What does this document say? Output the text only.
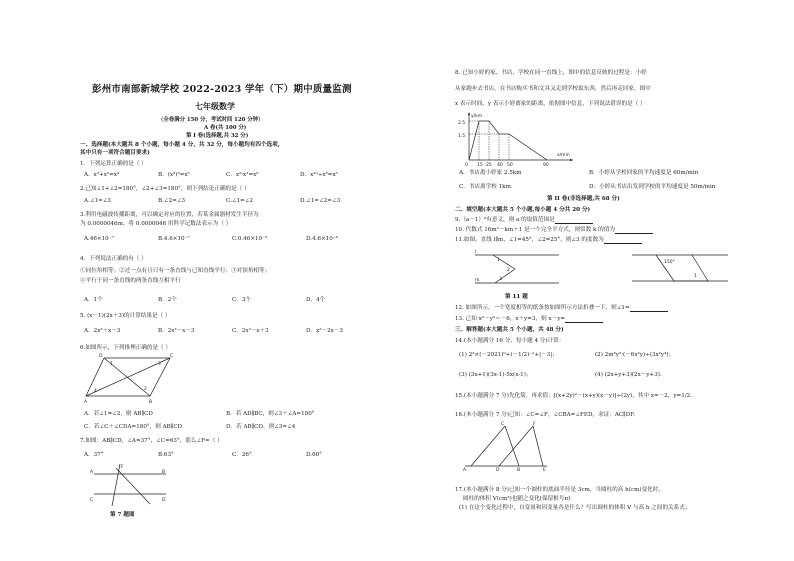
彭州市南部新城学校 2022-2023 学年（下）期中质量监测
七年级数学
（全卷满分 150 分，考试时间 120 分钟）
A 卷(共 100 分)
第 I 卷(选择题,共 32 分)
一、选择题(本大题共 8 个小题，每小题 4 分，共 32 分，每小题均有四个选项，
其中只有一项符合题目要求)
1．下列运算正确的是（ ）
A．x²+x²=x⁴	B．(x²)³=x⁵	C．x²·x³=x⁶	D．x¹⁰÷x⁵=x⁵
2.已知∠1+∠2=180°，∠2+∠3=180°，则下列结论正确的是（ ）
A.∠1=∠3	B.∠2=∠3	C.∠1=∠2	D.∠1=∠2=∠3
3.利用电磁波传播距离，可以确定对应的位置，若某金属器材发生半径为
为 0.0000046m，将 0.0000046 用科学记数法表示为（ ）
A.46×10⁻⁷	B.4.6×10⁻⁷	C.0.46×10⁻⁵	D.4.6×10⁻⁶
4．下列说法正确的有（ ）
①同位角相等；②过一点有且只有一条直线与已知直线平行；③对顶角相等；
④平行于同一条直线的两条直线互相平行
A．1个	B．2个	C．3个	D．4个
5. (x－1)(2x＋3)的计算结果是（ ）
A．2x²＋x－3	B．2x²－x－3	C．2x²－x＋3	D．x²－2x－3
6.如图所示，下列推理正确的是（ ）
D	C
A	B
1
2
3
4
A．若∠1=∠2，则 AB∥CD	B．若 AD∥BC，则∠3＋∠A=180°
C．若∠C＋∠CDA=180°，则 AB∥CD	D．若 AB∥CD，则∠3=∠4
7.如图：AB∥CD，∠A=37°，∠C=63°，那么∠F=（ ）
A．37°	B.63°	C．26°	D.60°
F
A	B
C	D
第 7 题图
8. 已知小婷的家、书店、学校在同一直线上，图中的信息反映的过程是：小婷
从家跑步去书店，在书店购买书和文具又走到学校取东西，然后再走回家，图中
x 表示时间，y 表示小婷离家的距离，依据图中信息，下列说法错误的是（ ）
y/km
x/min
2.5
1.5
0 15 25 40 50	90
A．书店离小婷家 2.5km	B．小婷从学校回家的平均速度是 60m/min
C．书店离学校 1km	D．小婷从书店出发到学校的平均速度是 50m/min
第 II 卷(非选择题,共 68 分)
二、填空题(本大题共 5 个小题,每小题 4 分共 20 分)
9.（a－1）⁰有意义，则 a 的取值范围是
10. 代数式 16m²－km＋1 是一个完全平方式，则常数 k 的值为
11.如图，直线 l∥m，∠1=45°，∠2=25°，则∠3 的度数为
l
m
1
2
3
第 11 题
150°
1
12. 如图所示，一个宽度相等的纸条按如图所示方法折叠一下，则∠1=
13. 已知 x²－y²＝－6，x＋y=3，则 x－y=
三、解答题(本大题共 5 个小题，共 48 分)
14.(本小题满分 16 分，每小题 4 分)计算：
(1) 2³×(－2021)⁰+(－1/2)⁻²+|－3|；	(2) 2m²y³·(－6x²y)÷(3x²y⁴)；
(3) (3x+1)(3x-1)-5x(x-1)；	(4) (2x+y+3)(2x－y+3)．
15.(本小题满分 7 分)先化简，再求值：[(x+2y)²－(x+y)(x－y)]÷(2y)，其中 x=－2，y=1/2.
16.(本小题满分 7 分)已知：∠C=∠F，∠CBA=∠FED，求证：AC∥DF.
A
C
D	B
F
E
17.(本小题满分 8 分)已知一个圆柱的底面半径是 3cm，当圆柱的高 h(cm)变化时，
圆柱的体积 V(cm³)也随之变化(保留根号π)
(1) 在这个变化过程中，自变量和因变量各是什么？写出圆柱的体积 V 与高 h 之间的关系式；
